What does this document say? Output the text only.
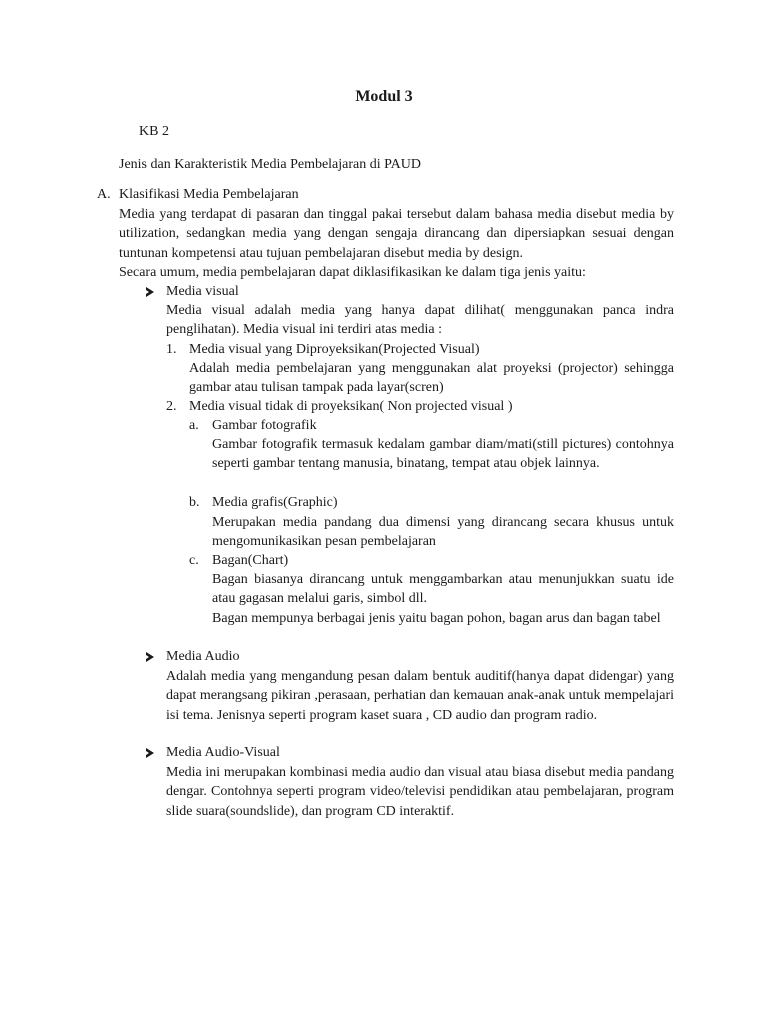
Modul 3
KB 2
Jenis dan Karakteristik Media Pembelajaran di PAUD
A. Klasifikasi Media Pembelajaran
Media yang terdapat di pasaran dan tinggal pakai tersebut dalam bahasa media disebut media by utilization, sedangkan media yang dengan sengaja dirancang dan dipersiapkan sesuai dengan tuntunan kompetensi atau tujuan pembelajaran disebut media by design.
Secara umum, media pembelajaran dapat diklasifikasikan ke dalam tiga jenis yaitu:
Media visual
Media visual adalah media yang hanya dapat dilihat( menggunakan panca indra penglihatan). Media visual ini terdiri atas media :
1. Media visual yang Diproyeksikan(Projected Visual)
Adalah media pembelajaran yang menggunakan alat proyeksi (projector) sehingga gambar atau tulisan tampak pada layar(scren)
2. Media visual tidak di proyeksikan( Non projected visual )
a. Gambar fotografik
Gambar fotografik termasuk kedalam gambar diam/mati(still pictures) contohnya seperti gambar tentang manusia, binatang, tempat atau objek lainnya.
b. Media grafis(Graphic)
Merupakan media pandang dua dimensi yang dirancang secara khusus untuk mengomunikasikan pesan pembelajaran
c. Bagan(Chart)
Bagan biasanya dirancang untuk menggambarkan atau menunjukkan suatu ide atau gagasan melalui garis, simbol dll.
Bagan mempunya berbagai jenis yaitu bagan pohon, bagan arus dan bagan tabel
Media Audio
Adalah media yang mengandung pesan dalam bentuk auditif(hanya dapat didengar) yang dapat merangsang pikiran ,perasaan, perhatian dan kemauan anak-anak untuk mempelajari isi tema. Jenisnya seperti program kaset suara , CD audio dan program radio.
Media Audio-Visual
Media ini merupakan kombinasi media audio dan visual atau biasa disebut media pandang dengar. Contohnya seperti program video/televisi pendidikan atau pembelajaran, program slide suara(soundslide), dan program CD interaktif.
